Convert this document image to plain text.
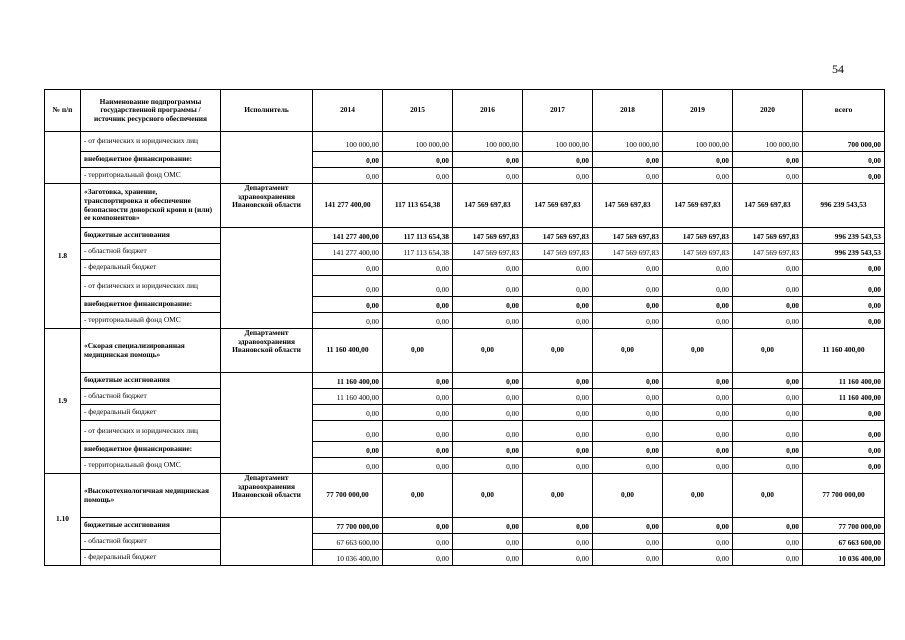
54
№ п/п	Наименование подпрограммы государственной программы / источник ресурсного обеспечения	Исполнитель	2014	2015	2016	2017	2018	2019	2020	всего
	- от физических и юридических лиц		100 000,00	100 000,00	100 000,00	100 000,00	100 000,00	100 000,00	100 000,00	700 000,00
	внебюджетное финансирование:		0,00	0,00	0,00	0,00	0,00	0,00	0,00	0,00
	- территориальный фонд ОМС		0,00	0,00	0,00	0,00	0,00	0,00	0,00	0,00
1.8	«Заготовка, хранение, транспортировка и обеспечение безопасности донорской крови и (или) ее компонентов»	Департамент здравоохранения Ивановской области	141 277 400,00	117 113 654,38	147 569 697,83	147 569 697,83	147 569 697,83	147 569 697,83	147 569 697,83	996 239 543,53
	бюджетные ассигнования		141 277 400,00	117 113 654,38	147 569 697,83	147 569 697,83	147 569 697,83	147 569 697,83	147 569 697,83	996 239 543,53
	- областной бюджет		141 277 400,00	117 113 654,38	147 569 697,83	147 569 697,83	147 569 697,83	147 569 697,83	147 569 697,83	996 239 543,53
	- федеральный бюджет		0,00	0,00	0,00	0,00	0,00	0,00	0,00	0,00
	- от физических и юридических лиц		0,00	0,00	0,00	0,00	0,00	0,00	0,00	0,00
	внебюджетное финансирование:		0,00	0,00	0,00	0,00	0,00	0,00	0,00	0,00
	- территориальный фонд ОМС		0,00	0,00	0,00	0,00	0,00	0,00	0,00	0,00
1.9	«Скорая специализированная медицинская помощь»	Департамент здравоохранения Ивановской области	11 160 400,00	0,00	0,00	0,00	0,00	0,00	0,00	11 160 400,00
	бюджетные ассигнования		11 160 400,00	0,00	0,00	0,00	0,00	0,00	0,00	11 160 400,00
	- областной бюджет		11 160 400,00	0,00	0,00	0,00	0,00	0,00	0,00	11 160 400,00
	- федеральный бюджет		0,00	0,00	0,00	0,00	0,00	0,00	0,00	0,00
	- от физических и юридических лиц		0,00	0,00	0,00	0,00	0,00	0,00	0,00	0,00
	внебюджетное финансирование:		0,00	0,00	0,00	0,00	0,00	0,00	0,00	0,00
	- территориальный фонд ОМС		0,00	0,00	0,00	0,00	0,00	0,00	0,00	0,00
1.10	«Высокотехнологичная медицинская помощь»	Департамент здравоохранения Ивановской области	77 700 000,00	0,00	0,00	0,00	0,00	0,00	0,00	77 700 000,00
	бюджетные ассигнования		77 700 000,00	0,00	0,00	0,00	0,00	0,00	0,00	77 700 000,00
	- областной бюджет		67 663 600,00	0,00	0,00	0,00	0,00	0,00	0,00	67 663 600,00
	- федеральный бюджет		10 036 400,00	0,00	0,00	0,00	0,00	0,00	0,00	10 036 400,00
